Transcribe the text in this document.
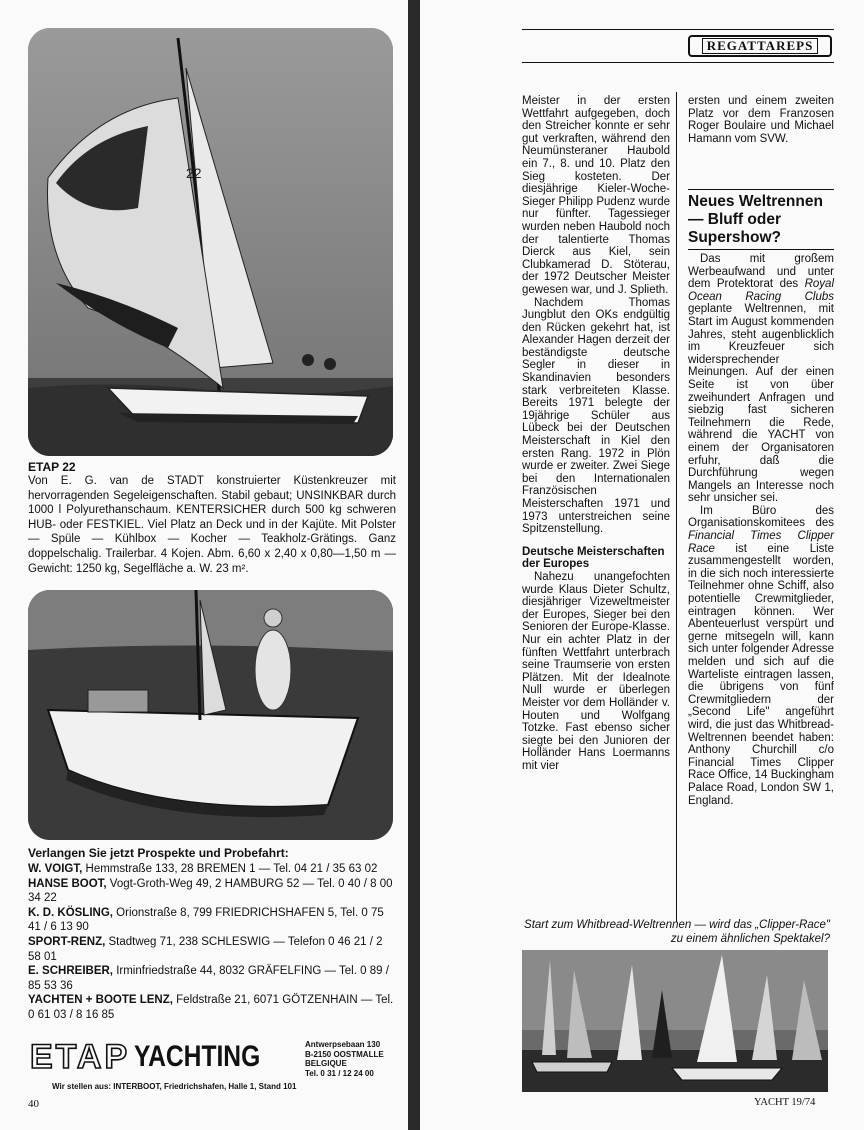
22
ETAP 22
Von E. G. van de STADT konstruierter Küstenkreuzer mit hervorragenden Segeleigenschaften. Stabil gebaut; UNSINKBAR durch 1000 l Polyurethanschaum. KENTERSICHER durch 500 kg schweren HUB- oder FESTKIEL. Viel Platz an Deck und in der Kajüte. Mit Polster — Spüle — Kühlbox — Kocher — Teakholz-Grätings. Ganz doppelschalig. Trailerbar. 4 Kojen. Abm. 6,60 x 2,40 x 0,80—1,50 m — Gewicht: 1250 kg, Segelfläche a. W. 23 m².
Verlangen Sie jetzt Prospekte und Probefahrt:

W. VOIGT, Hemmstraße 133, 28 BREMEN 1 — Tel. 04 21 / 35 63 02

HANSE BOOT, Vogt-Groth-Weg 49, 2 HAMBURG 52 — Tel. 0 40 / 8 00 34 22

K. D. KÖSLING, Orionstraße 8, 799 FRIEDRICHSHAFEN 5, Tel. 0 75 41 / 6 13 90

SPORT-RENZ, Stadtweg 71, 238 SCHLESWIG — Telefon 0 46 21 / 2 58 01

E. SCHREIBER, Irminfriedstraße 44, 8032 GRÄFELFING — Tel. 0 89 / 85 53 36

YACHTEN + BOOTE LENZ, Feldstraße 21, 6071 GÖTZENHAIN — Tel. 0 61 03 / 8 16 85

ETAP YACHTING	Antwerpsebaan 130
B-2150 OOSTMALLE
BELGIQUE
Tel. 0 31 / 12 24 00
Wir stellen aus: INTERBOOT, Friedrichshafen, Halle 1, Stand 101
40
REGATTAREPS

Meister in der ersten Wettfahrt aufgegeben, doch den Streicher konnte er sehr gut verkraften, während den Neumünsteraner Haubold ein 7., 8. und 10. Platz den Sieg kosteten. Der diesjährige Kieler-Woche-Sieger Philipp Pudenz wurde nur fünfter. Tagessieger wurden neben Haubold noch der talentierte Thomas Dierck aus Kiel, sein Clubkamerad D. Stöterau, der 1972 Deutscher Meister gewesen war, und J. Splieth.

Nachdem Thomas Jungblut den OKs endgültig den Rücken gekehrt hat, ist Alexander Hagen derzeit der beständigste deutsche Segler in dieser in Skandinavien besonders stark verbreiteten Klasse. Bereits 1971 belegte der 19jährige Schüler aus Lübeck bei der Deutschen Meisterschaft in Kiel den ersten Rang. 1972 in Plön wurde er zweiter. Zwei Siege bei den Internationalen Französischen Meisterschaften 1971 und 1973 unterstreichen seine Spitzenstellung.

Deutsche Meisterschaften der Europes

Nahezu unangefochten wurde Klaus Dieter Schultz, diesjähriger Vizeweltmeister der Europes, Sieger bei den Senioren der Europe-Klasse. Nur ein achter Platz in der fünften Wettfahrt unterbrach seine Traumserie von ersten Plätzen. Mit der Idealnote Null wurde er überlegen Meister vor dem Holländer v. Houten und Wolfgang Totzke. Fast ebenso sicher siegte bei den Junioren der Holländer Hans Loermanns mit vier

ersten und einem zweiten Platz vor dem Franzosen Roger Boulaire und Michael Hamann vom SVW.

Neues Weltrennen — Bluff oder Supershow?

Das mit großem Werbeaufwand und unter dem Protektorat des Royal Ocean Racing Clubs geplante Weltrennen, mit Start im August kommenden Jahres, steht augenblicklich im Kreuzfeuer sich widersprechender Meinungen. Auf der einen Seite ist von über zweihundert Anfragen und siebzig fast sicheren Teilnehmern die Rede, während die YACHT von einem der Organisatoren erfuhr, daß die Durchführung wegen Mangels an Interesse noch sehr unsicher sei.

Im Büro des Organisationskomitees des Financial Times Clipper Race ist eine Liste zusammengestellt worden, in die sich noch interessierte Teilnehmer ohne Schiff, also potentielle Crewmitglieder, eintragen können. Wer Abenteuerlust verspürt und gerne mitsegeln will, kann sich unter folgender Adresse melden und sich auf die Warteliste eintragen lassen, die übrigens von fünf Crewmitgliedern der „Second Life" angeführt wird, die just das Whitbread-Weltrennen beendet haben: Anthony Churchill c/o Financial Times Clipper Race Office, 14 Buckingham Palace Road, London SW 1, England.

Start zum Whitbread-Weltrennen — wird das „Clipper-Race" zu einem ähnlichen Spektakel?
YACHT 19/74
